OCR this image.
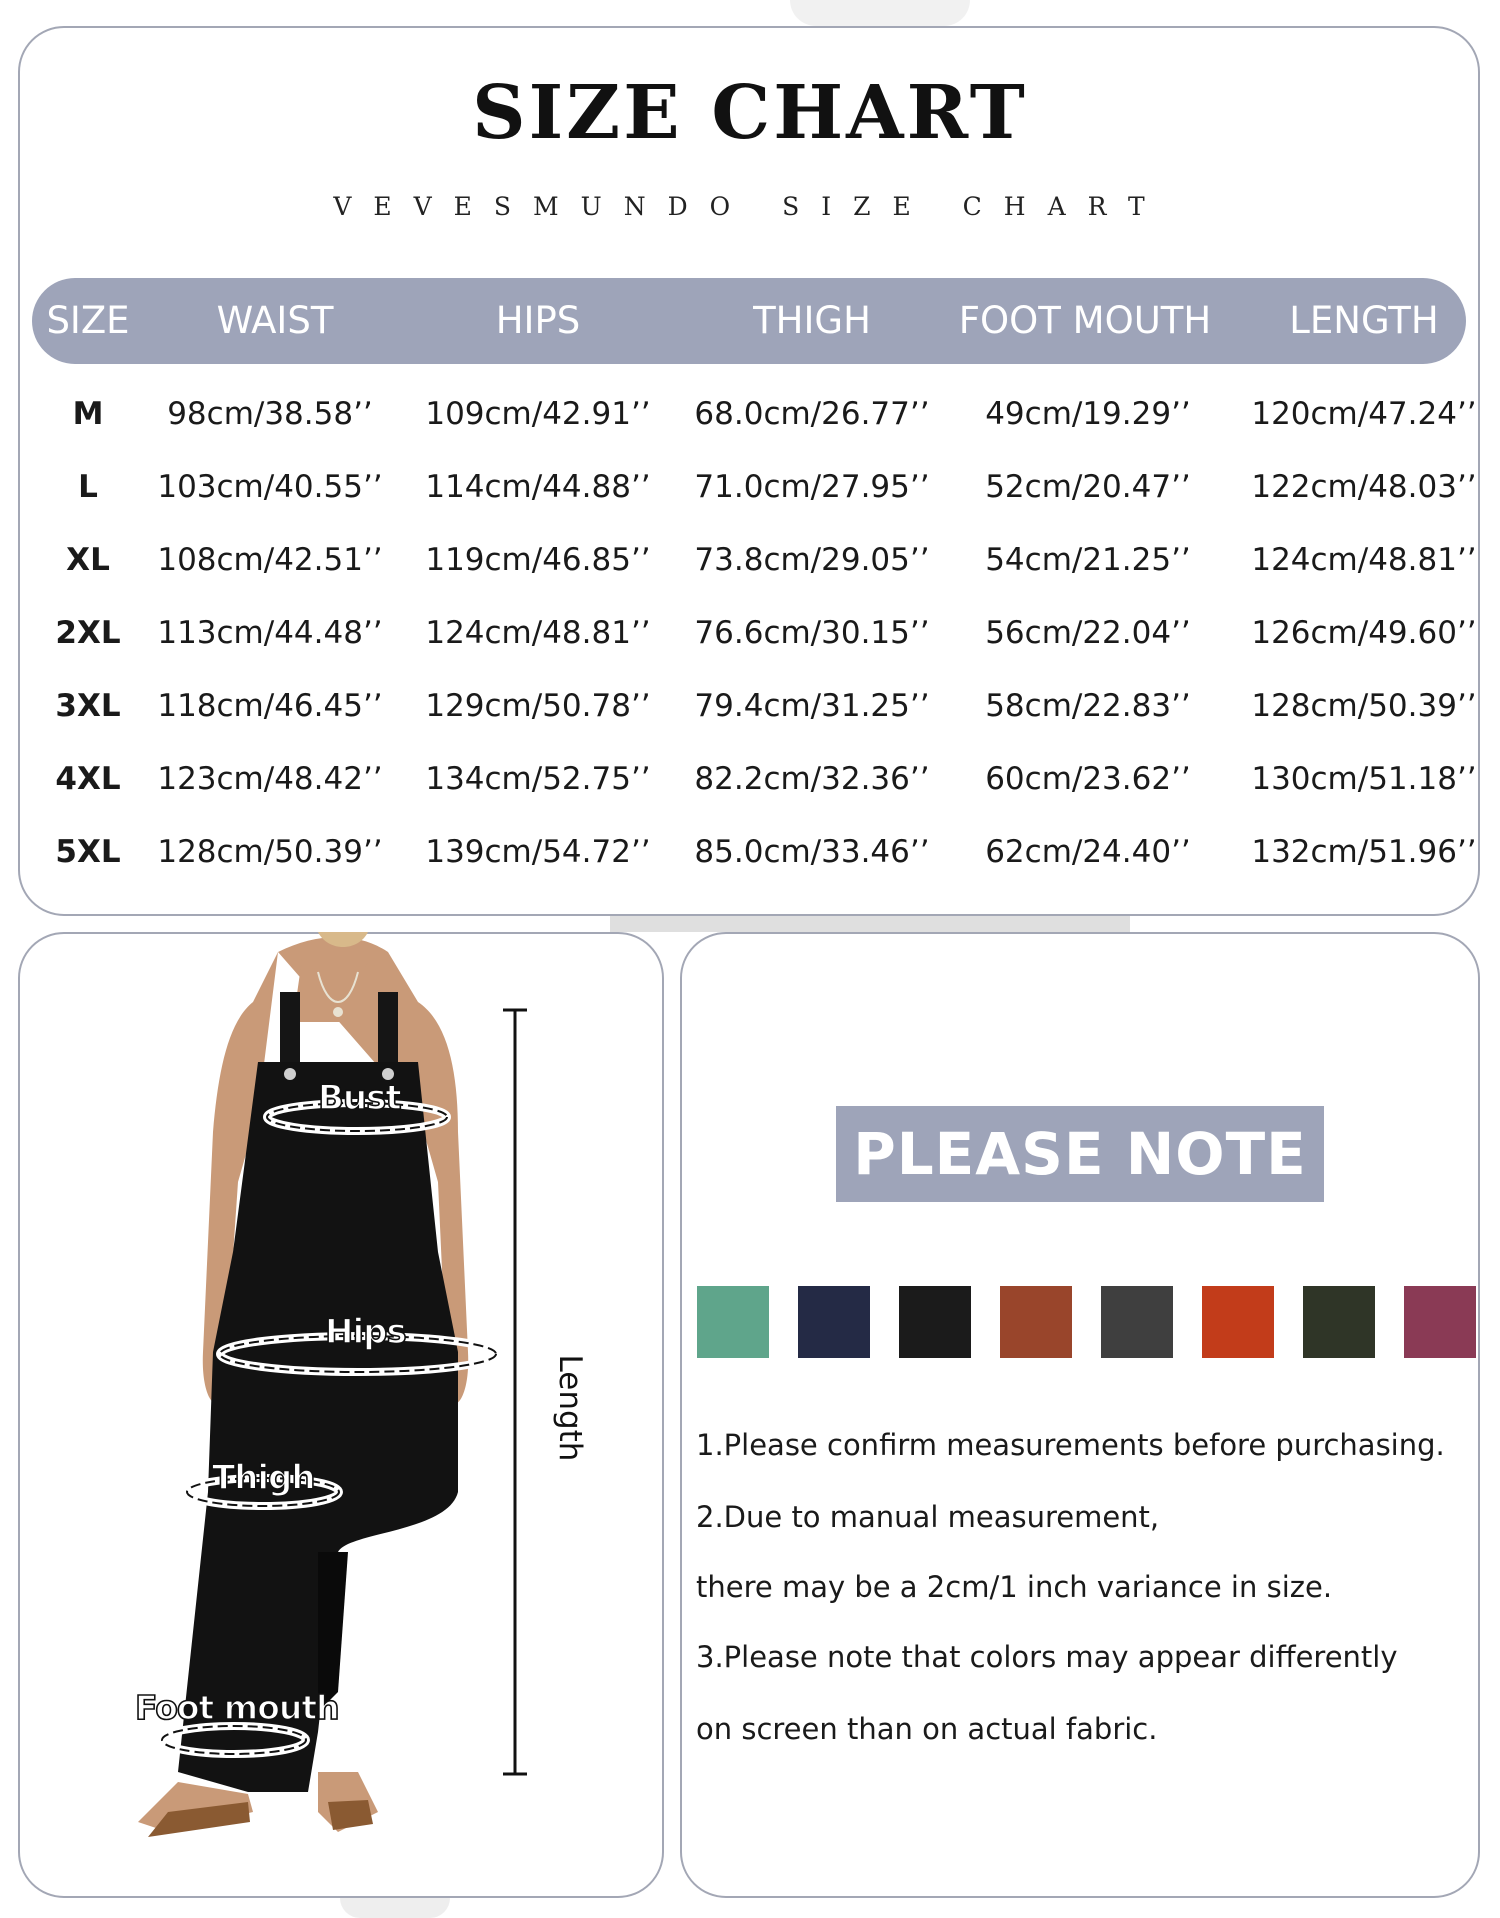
SIZE CHART
VEVESMUNDO SIZE CHART
SIZE WAIST	HIPS	THIGH FOOT MOUTH LENGTH
M 98cm/38.58’’ 109cm/42.91’’ 68.0cm/26.77’’ 49cm/19.29’’ 120cm/47.24’’
L 103cm/40.55’’ 114cm/44.88’’ 71.0cm/27.95’’ 52cm/20.47’’ 122cm/48.03’’
XL 108cm/42.51’’ 119cm/46.85’’ 73.8cm/29.05’’ 54cm/21.25’’ 124cm/48.81’’
2XL 113cm/44.48’’ 124cm/48.81’’ 76.6cm/30.15’’ 56cm/22.04’’ 126cm/49.60’’
3XL 118cm/46.45’’ 129cm/50.78’’ 79.4cm/31.25’’ 58cm/22.83’’ 128cm/50.39’’
4XL 123cm/48.42’’ 134cm/52.75’’ 82.2cm/32.36’’ 60cm/23.62’’ 130cm/51.18’’
5XL 128cm/50.39’’ 139cm/54.72’’ 85.0cm/33.46’’ 62cm/24.40’’ 132cm/51.96’’
Bust
Hips
Thigh
Foot mouth
Length
PLEASE NOTE
1.Please confirm measurements before purchasing.
2.Due to manual measurement,
there may be a 2cm/1 inch variance in size.
3.Please note that colors may appear differently
on screen than on actual fabric.
